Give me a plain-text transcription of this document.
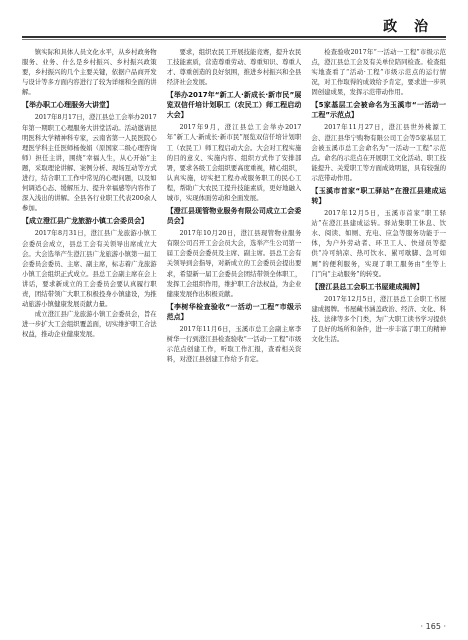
政 治

镇实际和具体人员文化水平，从乡村政务物服务、业务、什么是乡村振兴、乡村振兴政策要，乡村振兴的几个主要关键，依据户品商开发与设计等多方面内容进行了较为详细和全面的讲解。

【举办职工心理服务大讲堂】

2017年8月17日，澄江县总工会举办2017年第一期职工心理服务大讲堂活动。活动邀请昆明医科大学精神科专家，云南省第一人民医院心理医学科主任医师杨俊娟（原国家二级心理咨询师）担任主讲，围绕“幸福人生，从心开始”主题，采取理论讲解、案例分析、现场互动等方式进行，结合职工工作中常见的心理问题，以及如何调适心态、缓解压力、提升幸福感等内容作了深入浅出的讲解。全县各行业职工代表200余人参加。

【成立澄江县广龙旅游小镇工会委员会】

2017年8月31日，澄江县广龙旅游小镇工会委员会成立，县总工会有关领导出席成立大会。大会选举产生澄江县广龙旅游小镇第一届工会委员会委员、主席、副主席，标志着广龙旅游小镇工会组织正式成立。县总工会副主席在会上讲话，要求新成立的工会委员会要认真履行职责，团结带领广大职工积极投身小镇建设，为推动旅游小镇健康发展贡献力量。

成立澄江县广龙旅游小镇工会委员会，旨在进一步扩大工会组织覆盖面，切实维护职工合法权益，推动企业健康发展。

要求，组织农民工开展技能竞赛，提升农民工技能素质，营造尊重劳动、尊重知识、尊重人才、尊重创造的良好氛围，推进乡村振兴和全县经济社会发展。

【举办2017年“新工人·新成长·新市民”展览双信仟培计划职工（农民工）师工程启动大会】

2017年9月，澄江县总工会举办2017年“新工人·新成长·新市民”展览双信仟培计划职工（农民工）师工程启动大会。大会对工程实施的目的意义、实施内容、组织方式作了安排部署，要求各级工会组织要高度重视，精心组织，认真实施，切实把工程办成服务职工的民心工程，帮助广大农民工提升技能素质，更好地融入城市，实现体面劳动和全面发展。

【澄江县现管物业服务有限公司成立工会委员会】

2017年10月20日，澄江县现管物业服务有限公司召开工会会员大会，选举产生公司第一届工会委员会委员及主席、副主席。县总工会有关领导到会指导，对新成立的工会委员会提出要求，希望新一届工会委员会团结带领全体职工，发挥工会组织作用，维护职工合法权益，为企业健康发展作出积极贡献。

【李树华检查验收“一活动一工程”市级示范点】

2017年11月6日，玉溪市总工会副主席李树华一行到澄江县检查验收“一活动一工程”市级示范点创建工作，听取工作汇报，查看相关资料，对澄江县创建工作给予肯定。

检查验收2017年“一活动一工程”市级示范点，澄江县总工会及有关单位陪同检查。检查组实地查看了“活动·工程”市级示范点的运行情况，对工作取得的成效给予肯定，要求进一步巩固创建成果，发挥示范带动作用。

【5家基层工会被命名为玉溪市“一活动一工程”示范点】

2017年11月27日，澄江县世外桃源工会、澄江县华宁购物有限公司工会等5家基层工会被玉溪市总工会命名为“一活动一工程”示范点。命名的示范点在开展职工文化活动、职工技能提升、关爱职工等方面成效明显，具有较强的示范带动作用。

【玉溪市首家“职工驿站”在澄江县建成运转】

2017年12月5日，玉溪市首家“职工驿站”在澄江县建成运转。驿站集职工休息、饮水、阅读、如厕、充电、应急等服务功能于一体，为户外劳动者、环卫工人、快递员等提供“冷可纳凉、热可饮水、累可歇脚、急可如厕”的便利服务，实现了职工服务由“坐等上门”向“主动服务”的转变。

【澄江县总工会职工书屋建成揭牌】

2017年12月5日，澄江县总工会职工书屋建成揭牌。书屋藏书涵盖政治、经济、文化、科技、法律等多个门类，为广大职工读书学习提供了良好的场所和条件，进一步丰富了职工的精神文化生活。

· 165 ·
